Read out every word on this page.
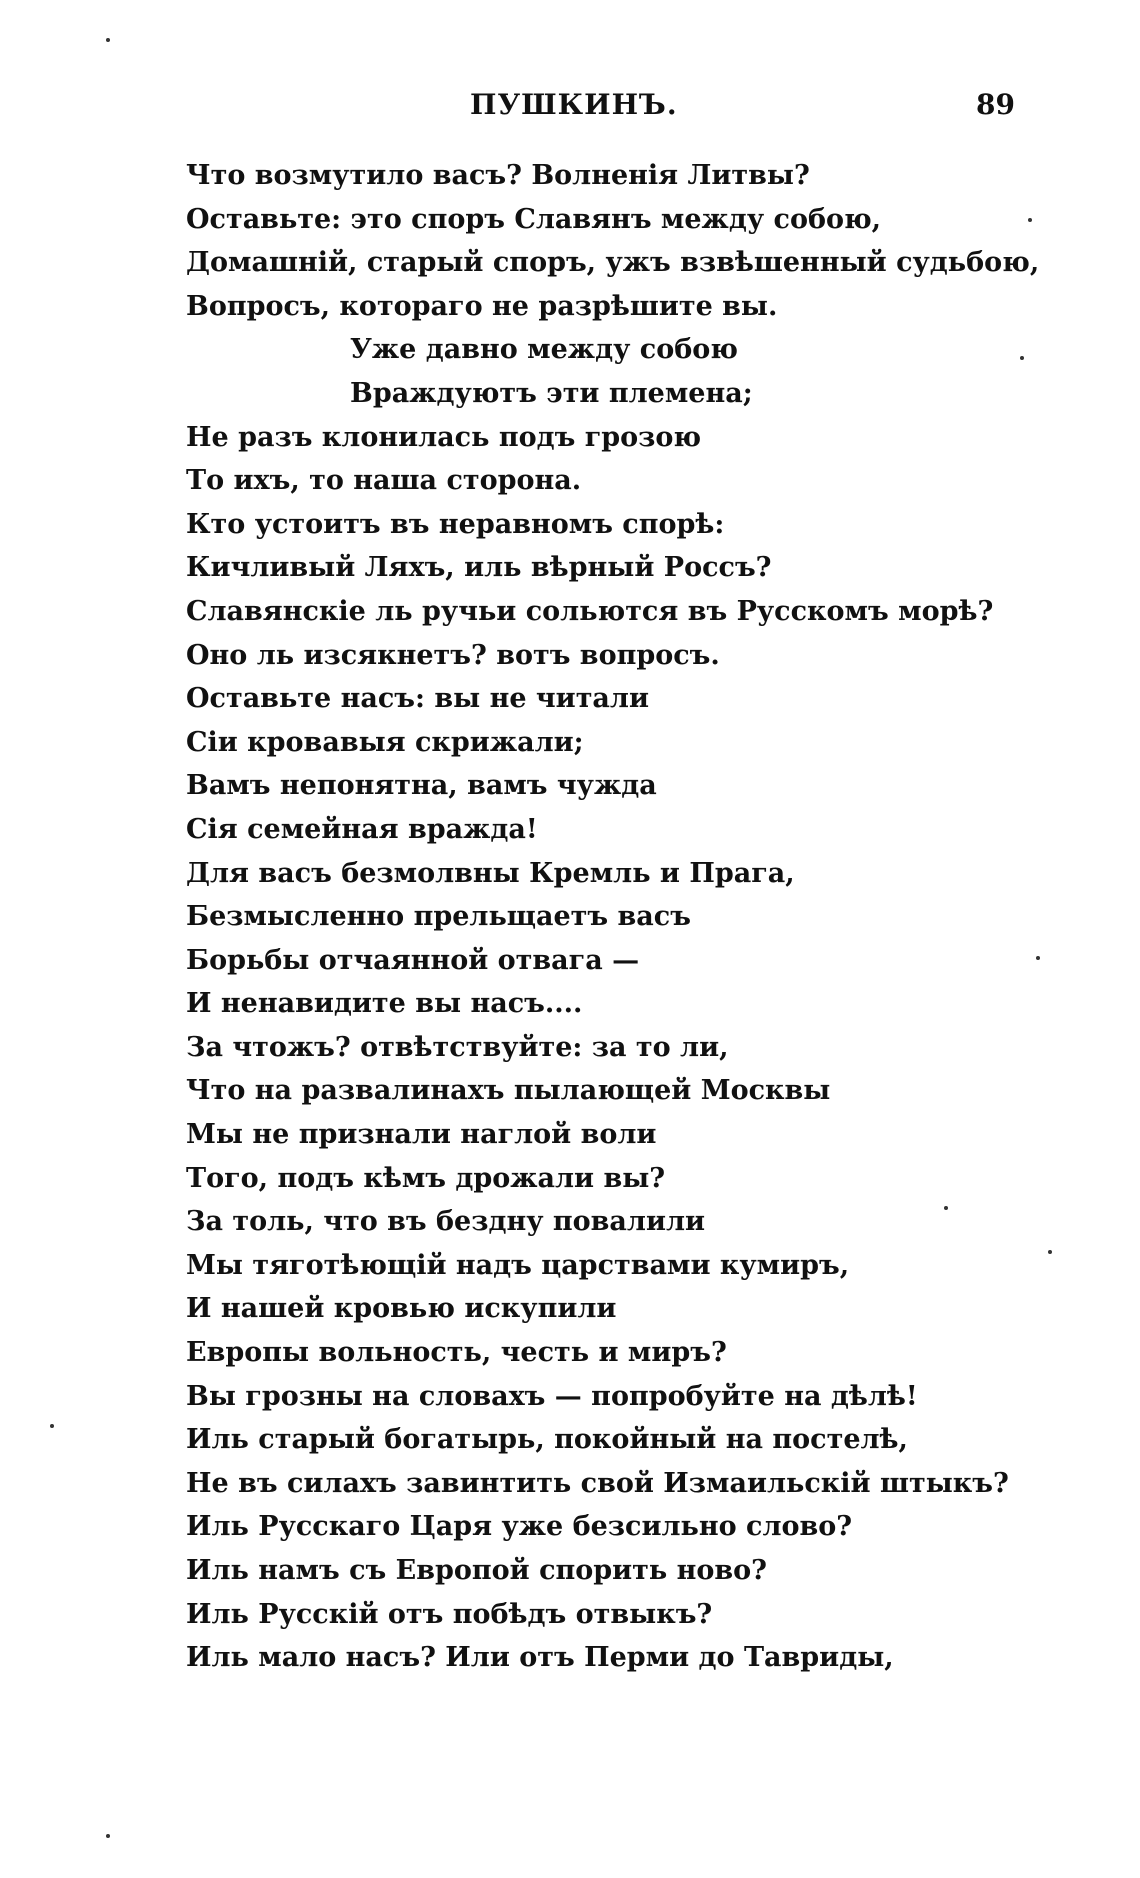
ПУШКИНЪ.	89
Что возмутило васъ? Волненія Литвы?
Оставьте: это споръ Славянъ между собою,
Домашній, старый споръ, ужъ взвѣшенный судьбою,
Вопросъ, котораго не разрѣшите вы.
Уже давно между собою
Враждуютъ эти племена;
Не разъ клонилась подъ грозою
То ихъ, то наша сторона.
Кто устоитъ въ неравномъ спорѣ:
Кичливый Ляхъ, иль вѣрный Россъ?
Славянскіе ль ручьи сольются въ Русскомъ морѣ?
Оно ль изсякнетъ? вотъ вопросъ.
Оставьте насъ: вы не читали
Сіи кровавыя скрижали;
Вамъ непонятна, вамъ чужда
Сія семейная вражда!
Для васъ безмолвны Кремль и Прага,
Безмысленно прельщаетъ васъ
Борьбы отчаянной отвага —
И ненавидите вы насъ....
За чтожъ? отвѣтствуйте: за то ли,
Что на развалинахъ пылающей Москвы
Мы не признали наглой воли
Того, подъ кѣмъ дрожали вы?
За толь, что въ бездну повалили
Мы тяготѣющій надъ царствами кумиръ,
И нашей кровью искупили
Европы вольность, честь и миръ?
Вы грозны на словахъ — попробуйте на дѣлѣ!
Иль старый богатырь, покойный на постелѣ,
Не въ силахъ завинтить свой Измаильскій штыкъ?
Иль Русскаго Царя уже безсильно слово?
Иль намъ съ Европой спорить ново?
Иль Русскій отъ побѣдъ отвыкъ?
Иль мало насъ? Или отъ Перми до Тавриды,
